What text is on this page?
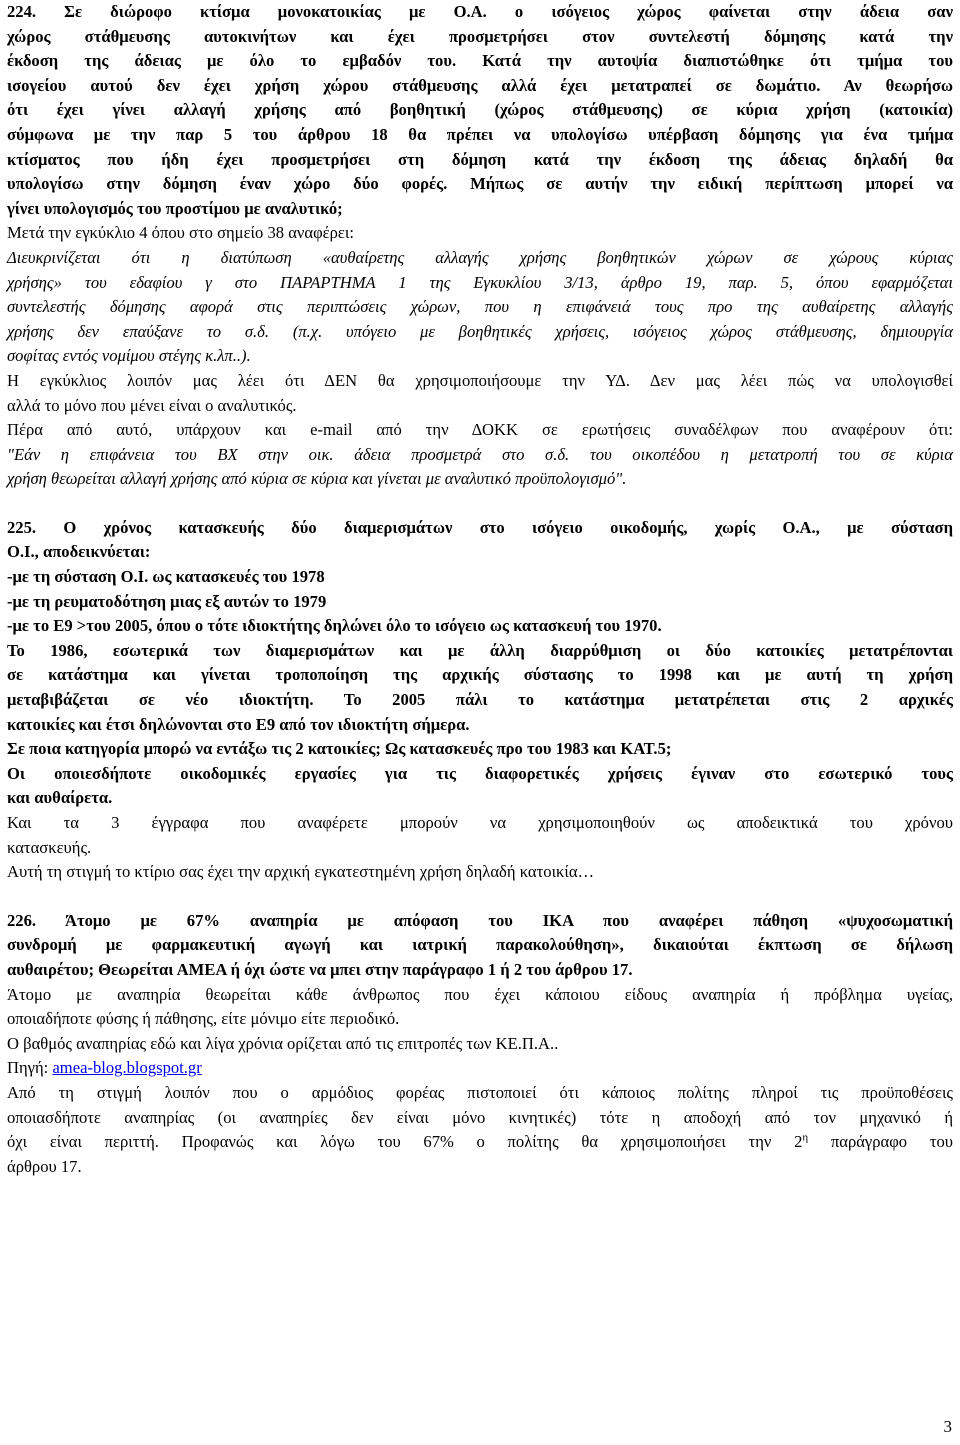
224. Σε διώροφο κτίσμα μονοκατοικίας με Ο.Α. ο ισόγειος χώρος φαίνεται στην άδεια σαν

χώρος στάθμευσης αυτοκινήτων και έχει προσμετρήσει στον συντελεστή δόμησης κατά την

έκδοση της άδειας με όλο το εμβαδόν του. Κατά την αυτοψία διαπιστώθηκε ότι τμήμα του

ισογείου αυτού δεν έχει χρήση χώρου στάθμευσης αλλά έχει μετατραπεί σε δωμάτιο. Αν θεωρήσω

ότι έχει γίνει αλλαγή χρήσης από βοηθητική (χώρος στάθμευσης) σε κύρια χρήση (κατοικία)

σύμφωνα με την παρ 5 του άρθρου 18 θα πρέπει να υπολογίσω υπέρβαση δόμησης για ένα τμήμα

κτίσματος που ήδη έχει προσμετρήσει στη δόμηση κατά την έκδοση της άδειας δηλαδή θα

υπολογίσω στην δόμηση έναν χώρο δύο φορές. Μήπως σε αυτήν την ειδική περίπτωση μπορεί να

γίνει υπολογισμός του προστίμου με αναλυτικό;

Μετά την εγκύκλιο 4 όπου στο σημείο 38 αναφέρει:

Διευκρινίζεται ότι η διατύπωση «αυθαίρετης αλλαγής χρήσης βοηθητικών χώρων σε χώρους κύριας

χρήσης» του εδαφίου γ στο ΠΑΡΑΡΤΗΜΑ 1 της Εγκυκλίου 3/13, άρθρο 19, παρ. 5, όπου εφαρμόζεται

συντελεστής δόμησης αφορά στις περιπτώσεις χώρων, που η επιφάνειά τους προ της αυθαίρετης αλλαγής

χρήσης δεν επαύξανε το σ.δ. (π.χ. υπόγειο με βοηθητικές χρήσεις, ισόγειος χώρος στάθμευσης, δημιουργία

σοφίτας εντός νομίμου στέγης κ.λπ..).

Η εγκύκλιος λοιπόν μας λέει ότι ΔΕΝ θα χρησιμοποιήσουμε την ΥΔ. Δεν μας λέει πώς να υπολογισθεί

αλλά το μόνο που μένει είναι ο αναλυτικός.

Πέρα από αυτό, υπάρχουν και e-mail από την ΔΟΚΚ σε ερωτήσεις συναδέλφων που αναφέρουν ότι:

"Εάν η επιφάνεια του ΒΧ στην οικ. άδεια προσμετρά στο σ.δ. του οικοπέδου η μετατροπή του σε κύρια

χρήση θεωρείται αλλαγή χρήσης από κύρια σε κύρια και γίνεται με αναλυτικό προϋπολογισμό".

225. Ο χρόνος κατασκευής δύο διαμερισμάτων στο ισόγειο οικοδομής, χωρίς Ο.Α., με σύσταση

Ο.Ι., αποδεικνύεται:

-με τη σύσταση Ο.Ι. ως κατασκευές του 1978

-με τη ρευματοδότηση μιας εξ αυτών το 1979

-με το Ε9 >του 2005, όπου ο τότε ιδιοκτήτης δηλώνει όλο το ισόγειο ως κατασκευή του 1970.

Το 1986, εσωτερικά των διαμερισμάτων και με άλλη διαρρύθμιση οι δύο κατοικίες μετατρέπονται

σε κατάστημα και γίνεται τροποποίηση της αρχικής σύστασης το 1998 και με αυτή τη χρήση

μεταβιβάζεται σε νέο ιδιοκτήτη. Το 2005 πάλι το κατάστημα μετατρέπεται στις 2 αρχικές

κατοικίες και έτσι δηλώνονται στο Ε9 από τον ιδιοκτήτη σήμερα.

Σε ποια κατηγορία μπορώ να εντάξω τις 2 κατοικίες; Ως κατασκευές προ του 1983 και ΚΑΤ.5;

Οι οποιεσδήποτε οικοδομικές εργασίες για τις διαφορετικές χρήσεις έγιναν στο εσωτερικό τους

και αυθαίρετα.

Και τα 3 έγγραφα που αναφέρετε μπορούν να χρησιμοποιηθούν ως αποδεικτικά του χρόνου

κατασκευής.

Αυτή τη στιγμή το κτίριο σας έχει την αρχική εγκατεστημένη χρήση δηλαδή κατοικία…

226. Άτομο με 67% αναπηρία με απόφαση του ΙΚΑ που αναφέρει πάθηση «ψυχοσωματική

συνδρομή με φαρμακευτική αγωγή και ιατρική παρακολούθηση», δικαιούται έκπτωση σε δήλωση

αυθαιρέτου; Θεωρείται ΑΜΕΑ ή όχι ώστε να μπει στην παράγραφο 1 ή 2 του άρθρου 17.

Άτομο με αναπηρία θεωρείται κάθε άνθρωπος που έχει κάποιου είδους αναπηρία ή πρόβλημα υγείας,

οποιαδήποτε φύσης ή πάθησης, είτε μόνιμο είτε περιοδικό.

Ο βαθμός αναπηρίας εδώ και λίγα χρόνια ορίζεται από τις επιτροπές των ΚΕ.Π.Α..

Πηγή: amea-blog.blogspot.gr

Από τη στιγμή λοιπόν που ο αρμόδιος φορέας πιστοποιεί ότι κάποιος πολίτης πληροί τις προϋποθέσεις

οποιασδήποτε αναπηρίας (οι αναπηρίες δεν είναι μόνο κινητικές) τότε η αποδοχή από τον μηχανικό ή

όχι είναι περιττή. Προφανώς και λόγω του 67% ο πολίτης θα χρησιμοποιήσει την $2^\eta$ παράγραφο του

άρθρου 17.

3
